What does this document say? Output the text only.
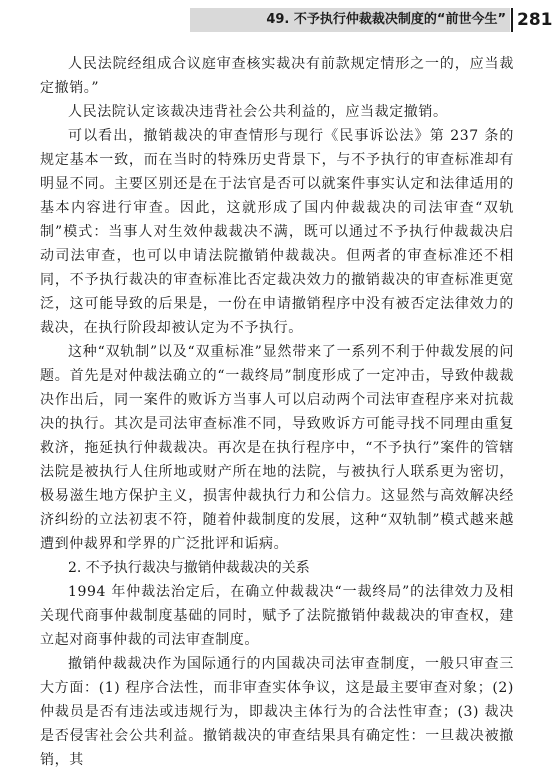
49. 不予执行仲裁裁决制度的“前世今生” 281

人民法院经组成合议庭审查核实裁决有前款规定情形之一的，应当裁定撤销。”

人民法院认定该裁决违背社会公共利益的，应当裁定撤销。

可以看出，撤销裁决的审查情形与现行《民事诉讼法》第 237 条的规定基本一致，而在当时的特殊历史背景下，与不予执行的审查标准却有明显不同。主要区别还是在于法官是否可以就案件事实认定和法律适用的基本内容进行审查。因此，这就形成了国内仲裁裁决的司法审查“双轨制”模式：当事人对生效仲裁裁决不满，既可以通过不予执行仲裁裁决启动司法审查，也可以申请法院撤销仲裁裁决。但两者的审查标准还不相同，不予执行裁决的审查标准比否定裁决效力的撤销裁决的审查标准更宽泛，这可能导致的后果是，一份在申请撤销程序中没有被否定法律效力的裁决，在执行阶段却被认定为不予执行。

这种“双轨制”以及“双重标准”显然带来了一系列不利于仲裁发展的问题。首先是对仲裁法确立的“一裁终局”制度形成了一定冲击，导致仲裁裁决作出后，同一案件的败诉方当事人可以启动两个司法审查程序来对抗裁决的执行。其次是司法审查标准不同，导致败诉方可能寻找不同理由重复救济，拖延执行仲裁裁决。再次是在执行程序中，“不予执行”案件的管辖法院是被执行人住所地或财产所在地的法院，与被执行人联系更为密切，极易滋生地方保护主义，损害仲裁执行力和公信力。这显然与高效解决经济纠纷的立法初衷不符，随着仲裁制度的发展，这种“双轨制”模式越来越遭到仲裁界和学界的广泛批评和诟病。

2. 不予执行裁决与撤销仲裁裁决的关系

1994 年仲裁法治定后，在确立仲裁裁决“一裁终局”的法律效力及相关现代商事仲裁制度基础的同时，赋予了法院撤销仲裁裁决的审查权，建立起对商事仲裁的司法审查制度。

撤销仲裁裁决作为国际通行的内国裁决司法审查制度，一般只审查三大方面：(1) 程序合法性，而非审查实体争议，这是最主要审查对象；(2) 仲裁员是否有违法或违规行为，即裁决主体行为的合法性审查；(3) 裁决是否侵害社会公共利益。撤销裁决的审查结果具有确定性：一旦裁决被撤销，其
